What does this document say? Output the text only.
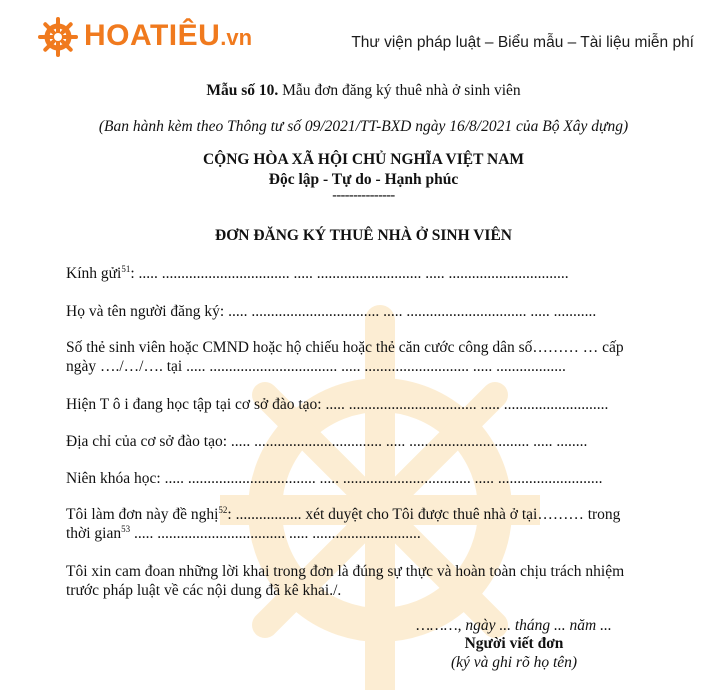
HOATIÊU.vn	Thư viện pháp luật – Biểu mẫu – Tài liệu miễn phí
Mẫu số 10. Mẫu đơn đăng ký thuê nhà ở sinh viên
(Ban hành kèm theo Thông tư số 09/2021/TT-BXD ngày 16/8/2021 của Bộ Xây dựng)
CỘNG HÒA XÃ HỘI CHỦ NGHĨA VIỆT NAM
Độc lập - Tự do - Hạnh phúc
---------------
ĐƠN ĐĂNG KÝ THUÊ NHÀ Ở SINH VIÊN
Kính gửi$^{51}$: ..... ................................. ..... ........................... ..... ...............................
Họ và tên người đăng ký: ..... ................................. ..... ............................... ..... ...........
Số thẻ sinh viên hoặc CMND hoặc hộ chiếu hoặc thẻ căn cước công dân số……… … cấp
ngày …./…/…. tại ..... ................................. ..... ........................... ..... ..................
Hiện T ô i đang học tập tại cơ sở đào tạo: ..... ................................. ..... ...........................
Địa chỉ của cơ sở đào tạo: ..... ................................. ..... ............................... ..... ........
Niên khóa học: ..... ................................. ..... ................................. ..... ...........................
Tôi làm đơn này đề nghị$^{52}$: ................. xét duyệt cho Tôi được thuê nhà ở tại……… trong
thời gian$^{53}$ ..... ................................. ..... ............................
Tôi xin cam đoan những lời khai trong đơn là đúng sự thực và hoàn toàn chịu trách nhiệm
trước pháp luật về các nội dung đã kê khai./.
………, ngày ... tháng ... năm ...
Người viết đơn
(ký và ghi rõ họ tên)
